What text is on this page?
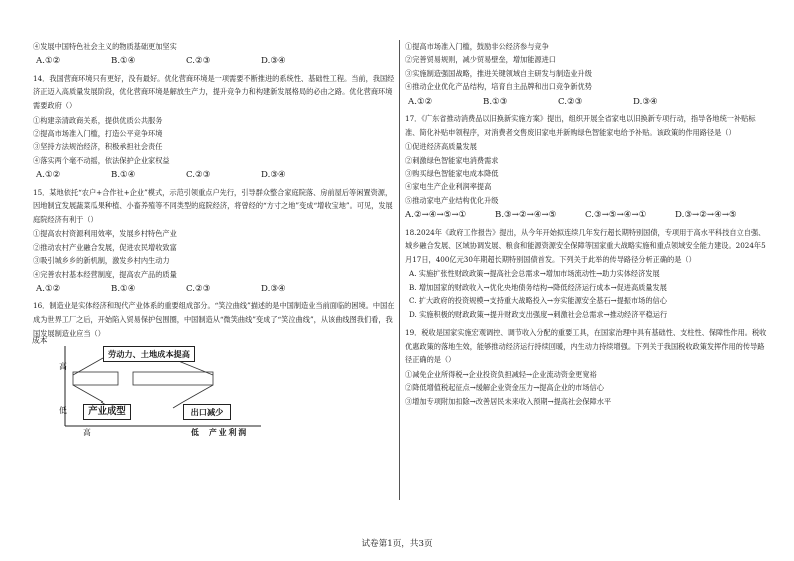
④发展中国特色社会主义的物质基础更加坚实

A.①②	B.①④	C.②③	D.③④

14．我国营商环境只有更好，没有最好。优化营商环境是一项需要不断推进的系统性、基础性工程。当前，我国经济正迈入高质量发展阶段，优化营商环境是解放生产力，提升竞争力和构建新发展格局的必由之路。优化营商环境需要政府（）

①构建亲清政商关系，提供优质公共服务

②提高市场准入门槛，打造公平竞争环境

③坚持方法规治经济，积极承担社会责任

④落实两个毫不动摇，依法保护企业家权益

A.①②	B.①④	C.②③	D.③④

15．某地依托“农户+合作社+企业”模式，示范引领重点户先行，引导群众整合家庭院落、房前屋后等闲置资源，因地制宜发展蔬菜瓜果种植、小畜养殖等不同类型的庭院经济，将曾经的“方寸之地”变成“增收宝地”。可见，发展庭院经济有利于（）

①提高农村资源利用效率，发展乡村特色产业

②推动农村产业融合发展，促进农民增收致富

③吸引城乡乡的新机制，激发乡村内生动力

④完善农村基本经营制度，提高农产品的质量

A.①②	B.①④	C.②③	D.③④

16．制造业是实体经济和现代产业体系的重要组成部分。“笑泣曲线”描述的是中国制造业当前面临的困境。中国在成为世界工厂之后，开始陷入贸易保护包围圈，中国制造从“微笑曲线”变成了“笑泣曲线”，从该曲线图我们看，我国发展制造业应当（）

成本
高
低
高	低 产业利润
劳动力、土地成本提高
产业成型	出口减少

①提高市场准入门槛，鼓励非公经济参与竞争

②完善贸易规则，减少贸易壁垒，增加能源进口

③实施制造强国战略，推进关键领域自主研发与制造业升级

④推动企业优化产品结构，培育自主品牌和出口竞争新优势

A.①②	B.①③	C.②③	D.③④

17．《广东省推动消费品以旧换新实施方案》提出，组织开展全省家电以旧换新专项行动，指导各地统一补贴标准、简化补贴申领程序，对消费者交售废旧家电并新购绿色智能家电给予补贴。该政策的作用路径是（）

①促进经济高质量发展

②刺激绿色智能家电消费需求

③购买绿色智能家电成本降低

④家电生产企业利润率提高

⑤推动家电产业结构优化升级

A.②→④→⑤→①	B.③→②→④→⑤	C.③→⑤→④→①	D.③→②→④→⑤

18.2024年《政府工作报告》提出，从今年开始拟连续几年发行超长期特别国债，专项用于高水平科技自立自强、城乡融合发展、区域协调发展、粮食和能源资源安全保障等国家重大战略实施和重点领域安全能力建设。2024年5月17日，400亿元30年期超长期特别国债首发。下列关于此举的传导路径分析正确的是（）

A. 实施扩张性财政政策→提高社会总需求→增加市场流动性→助力实体经济发展

B. 增加国家的财政收入→优化央地债务结构→降低经济运行成本→促进高质量发展

C. 扩大政府的投资规模→支持重大战略投入→夯实能源安全基石→提振市场的信心

D. 实施积极的财政政策→提升财政支出强度→刺激社会总需求→推动经济平稳运行

19．税收是国家实施宏观调控、调节收入分配的重要工具，在国家治理中具有基础性、支柱性、保障性作用。税收优惠政策的落地生效，能够推动经济运行持续回暖，内生动力持续增强。下列关于我国税收政策发挥作用的传导路径正确的是（）

①减免企业所得税→企业投资负担减轻→企业流动资金更宽裕

②降低增值税起征点→缓解企业资金压力→提高企业的市场信心

③增加专项附加扣除→改善居民未来收入预期→提高社会保障水平

试卷第1页，共3页
